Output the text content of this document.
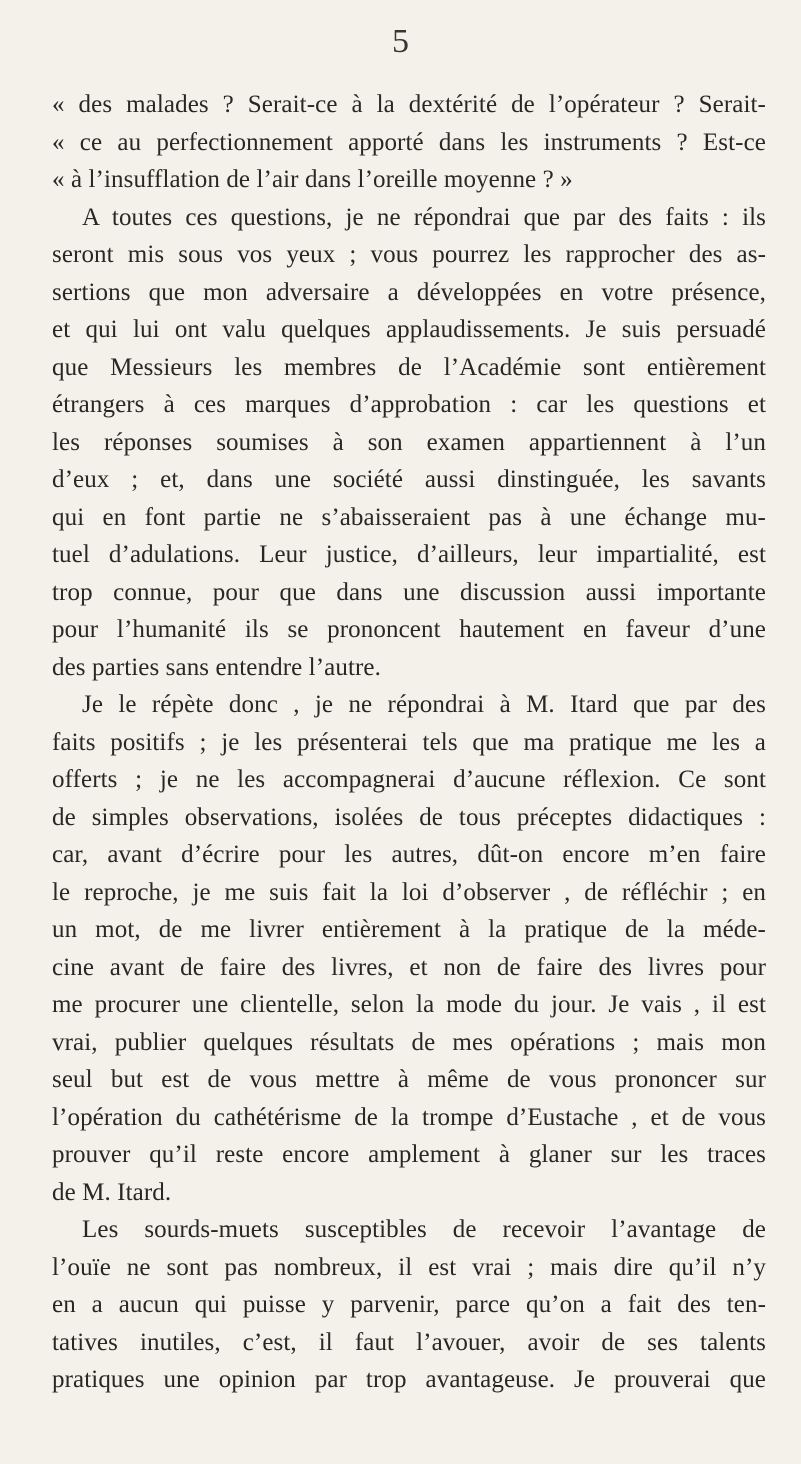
5
« des malades ? Serait-ce à la dextérité de l’opérateur ? Serait-
« ce au perfectionnement apporté dans les instruments ? Est-ce
« à l’insufflation de l’air dans l’oreille moyenne ? »
A toutes ces questions, je ne répondrai que par des faits : ils
seront mis sous vos yeux ; vous pourrez les rapprocher des as-
sertions que mon adversaire a développées en votre présence,
et qui lui ont valu quelques applaudissements. Je suis persuadé
que Messieurs les membres de l’Académie sont entièrement
étrangers à ces marques d’approbation : car les questions et
les réponses soumises à son examen appartiennent à l’un
d’eux ; et, dans une société aussi dinstinguée, les savants
qui en font partie ne s’abaisseraient pas à une échange mu-
tuel d’adulations. Leur justice, d’ailleurs, leur impartialité, est
trop connue, pour que dans une discussion aussi importante
pour l’humanité ils se prononcent hautement en faveur d’une
des parties sans entendre l’autre.
Je le répète donc , je ne répondrai à M. Itard que par des
faits positifs ; je les présenterai tels que ma pratique me les a
offerts ; je ne les accompagnerai d’aucune réflexion. Ce sont
de simples observations, isolées de tous préceptes didactiques :
car, avant d’écrire pour les autres, dût-on encore m’en faire
le reproche, je me suis fait la loi d’observer , de réfléchir ; en
un mot, de me livrer entièrement à la pratique de la méde-
cine avant de faire des livres, et non de faire des livres pour
me procurer une clientelle, selon la mode du jour. Je vais , il est
vrai, publier quelques résultats de mes opérations ; mais mon
seul but est de vous mettre à même de vous prononcer sur
l’opération du cathétérisme de la trompe d’Eustache , et de vous
prouver qu’il reste encore amplement à glaner sur les traces
de M. Itard.
Les sourds-muets susceptibles de recevoir l’avantage de
l’ouïe ne sont pas nombreux, il est vrai ; mais dire qu’il n’y
en a aucun qui puisse y parvenir, parce qu’on a fait des ten-
tatives inutiles, c’est, il faut l’avouer, avoir de ses talents
pratiques une opinion par trop avantageuse. Je prouverai que
